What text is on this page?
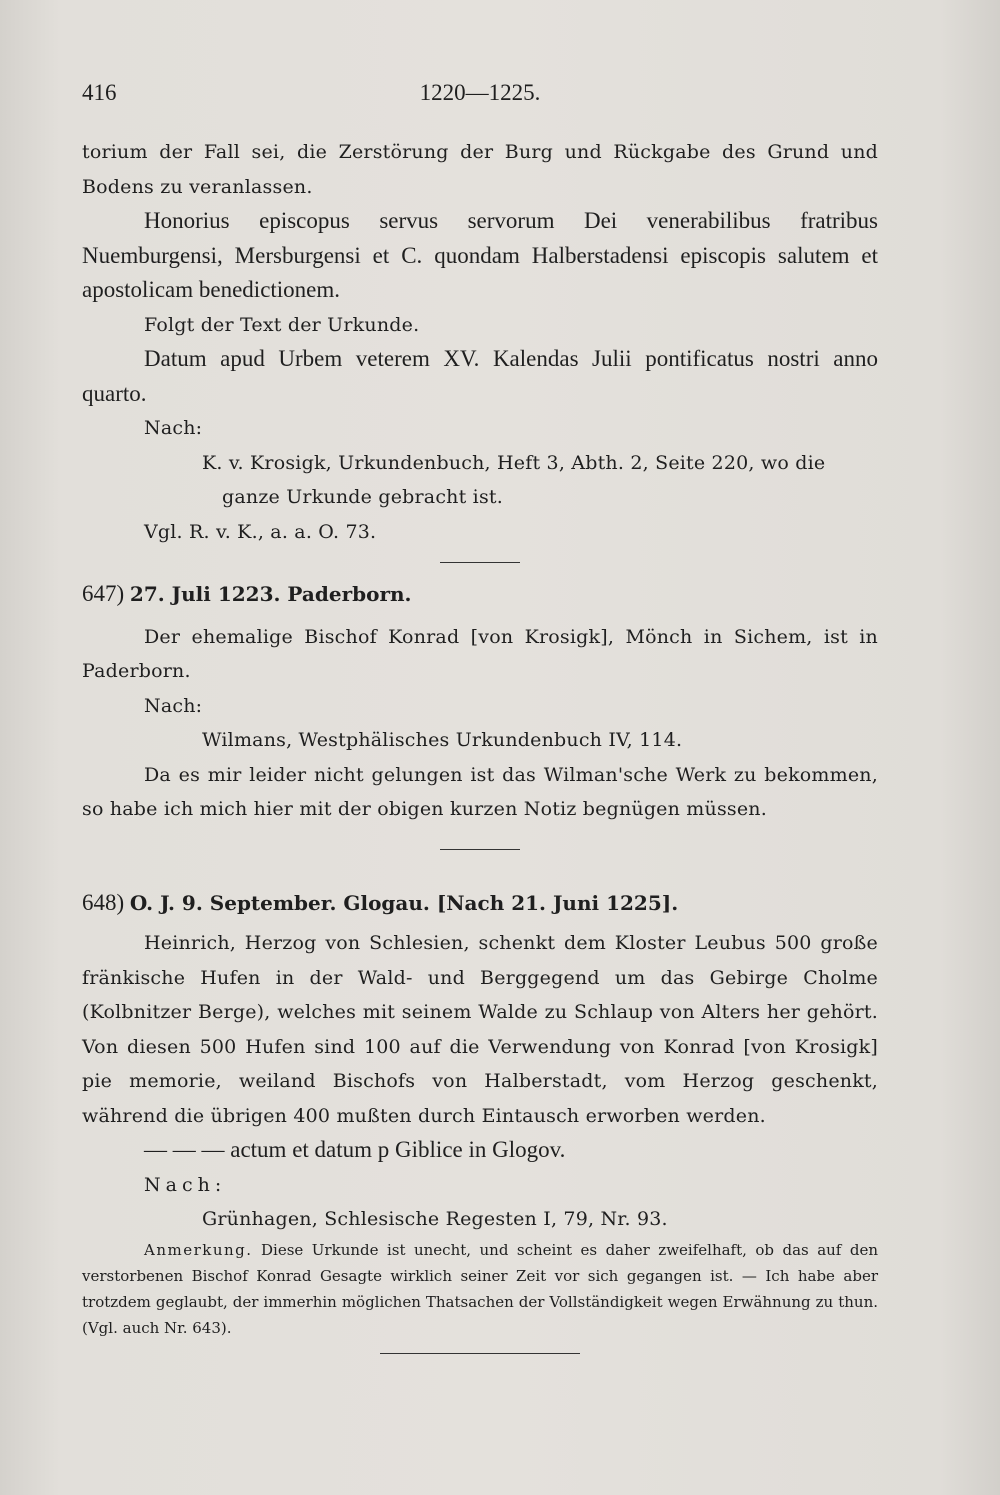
416	1220—1225.

torium der Fall sei, die Zerstörung der Burg und Rückgabe des Grund und Bodens zu veranlassen.

Honorius episcopus servus servorum Dei venerabilibus fratribus Nuemburgensi, Mersburgensi et C. quondam Halberstadensi episcopis salutem et apostolicam benedictionem.

Folgt der Text der Urkunde.

Datum apud Urbem veterem XV. Kalendas Julii pontificatus nostri anno quarto.

Nach:

K. v. Krosigk, Urkundenbuch, Heft 3, Abth. 2, Seite 220, wo die

ganze Urkunde gebracht ist.

Vgl. R. v. K., a. a. O. 73.

647) 27. Juli 1223. Paderborn.

Der ehemalige Bischof Konrad [von Krosigk], Mönch in Sichem, ist in Paderborn.

Nach:

Wilmans, Westphälisches Urkundenbuch IV, 114.

Da es mir leider nicht gelungen ist das Wilman'sche Werk zu bekommen, so habe ich mich hier mit der obigen kurzen Notiz begnügen müssen.

648) O. J. 9. September. Glogau. [Nach 21. Juni 1225].

Heinrich, Herzog von Schlesien, schenkt dem Kloster Leubus 500 große fränkische Hufen in der Wald- und Berggegend um das Gebirge Cholme (Kolbnitzer Berge), welches mit seinem Walde zu Schlaup von Alters her gehört. Von diesen 500 Hufen sind 100 auf die Verwendung von Konrad [von Krosigk] pie memorie, weiland Bischofs von Halberstadt, vom Herzog geschenkt, während die übrigen 400 mußten durch Eintausch erworben werden.

— — — actum et datum p Giblice in Glogov.

Nach:

Grünhagen, Schlesische Regesten I, 79, Nr. 93.

Anmerkung. Diese Urkunde ist unecht, und scheint es daher zweifelhaft, ob das auf den verstorbenen Bischof Konrad Gesagte wirklich seiner Zeit vor sich gegangen ist. — Ich habe aber trotzdem geglaubt, der immerhin möglichen Thatsachen der Vollständigkeit wegen Erwähnung zu thun. (Vgl. auch Nr. 643).
